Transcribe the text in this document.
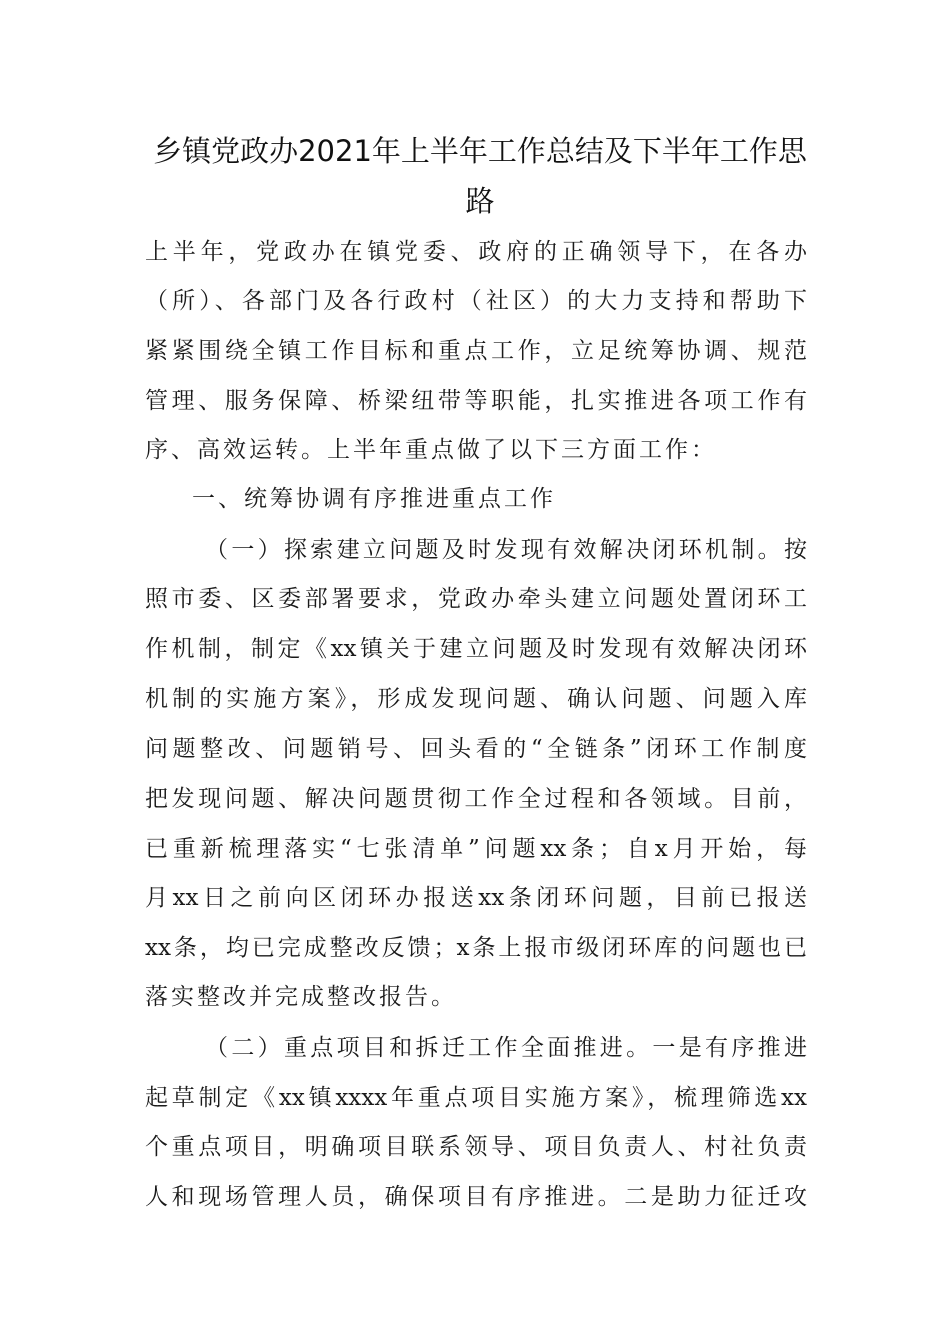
乡镇党政办2021年上半年工作总结及下半年工作思
路

上半年，党政办在镇党委、政府的正确领导下，在各办

（所）、各部门及各行政村（社区）的大力支持和帮助下

紧紧围绕全镇工作目标和重点工作，立足统筹协调、规范

管理、服务保障、桥梁纽带等职能，扎实推进各项工作有

序、高效运转。上半年重点做了以下三方面工作：

一、统筹协调有序推进重点工作

（一）探索建立问题及时发现有效解决闭环机制。按

照市委、区委部署要求，党政办牵头建立问题处置闭环工

作机制，制定《xx镇关于建立问题及时发现有效解决闭环

机制的实施方案》，形成发现问题、确认问题、问题入库

问题整改、问题销号、回头看的“全链条”闭环工作制度

把发现问题、解决问题贯彻工作全过程和各领域。目前，

已重新梳理落实“七张清单”问题xx条；自x月开始，每

月xx日之前向区闭环办报送xx条闭环问题，目前已报送

xx条，均已完成整改反馈；x条上报市级闭环库的问题也已

落实整改并完成整改报告。

（二）重点项目和拆迁工作全面推进。一是有序推进

起草制定《xx镇xxxx年重点项目实施方案》，梳理筛选xx

个重点项目，明确项目联系领导、项目负责人、村社负责

人和现场管理人员，确保项目有序推进。二是助力征迁攻
